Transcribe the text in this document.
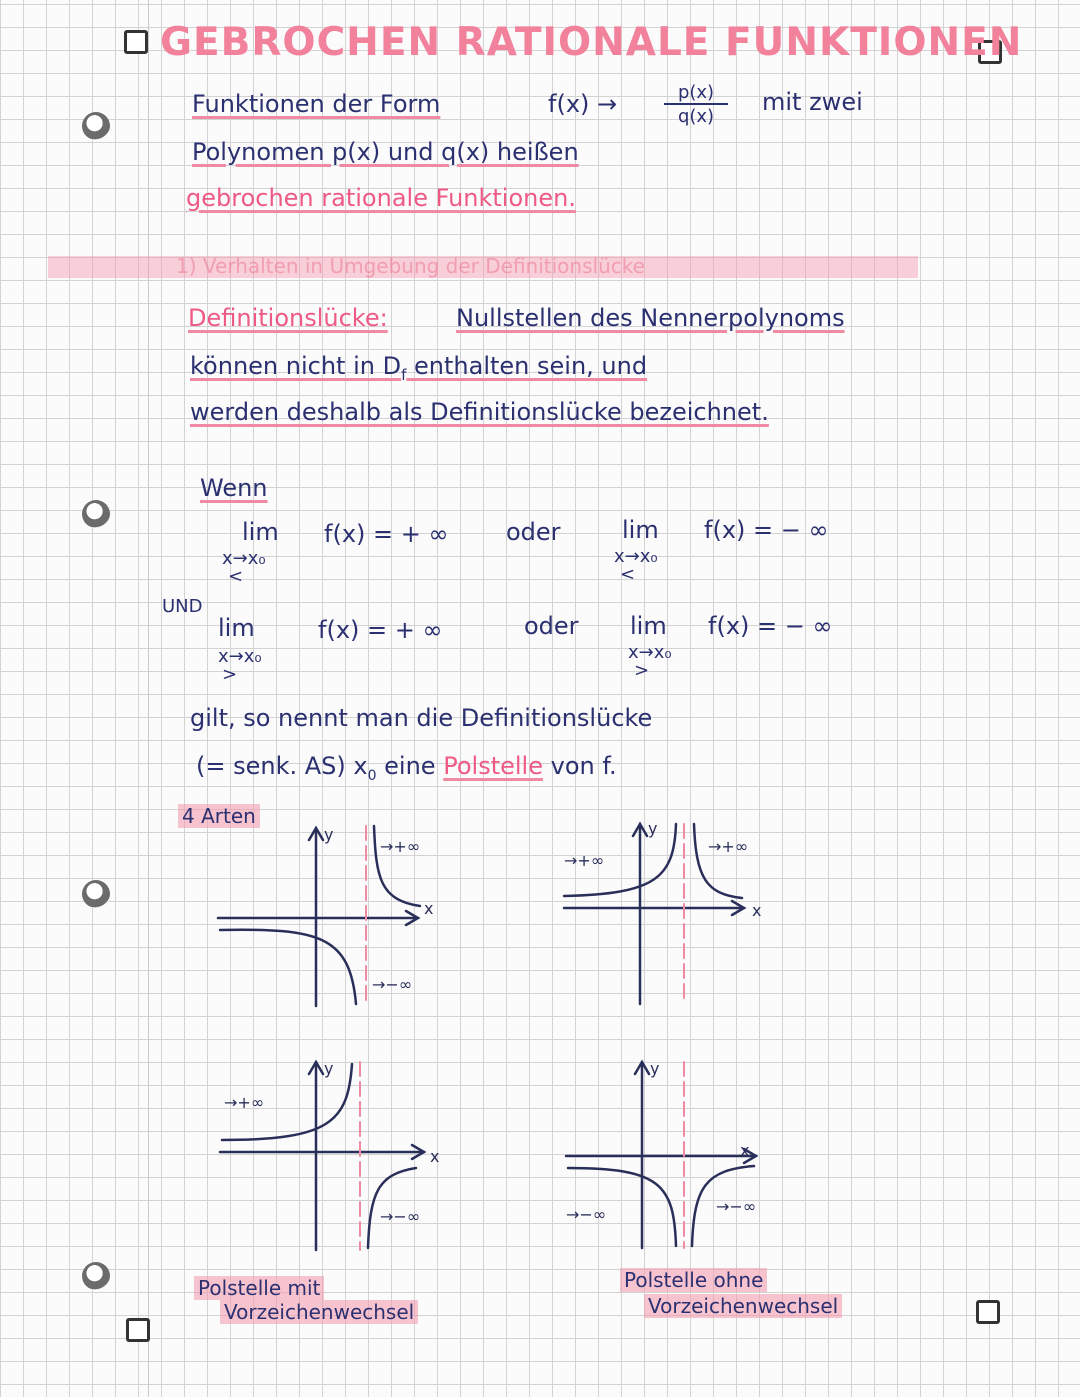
GEBROCHEN RATIONALE FUNKTIONEN
Funktionen der Form	f(x) →	p(x)
q(x)
mit zwei
Polynomen p(x) und q(x) heißen
gebrochen rationale Funktionen.
1) Verhalten in Umgebung der Definitionslücke
Definitionslücke:	Nullstellen des Nennerpolynoms
können nicht in $D_f$ enthalten sein, und
werden deshalb als Definitionslücke bezeichnet.
Wenn
lim
x→x₀
<
f(x) = + ∞ oder	lim
x→x₀
<
f(x) = − ∞
UND
lim
x→x₀
>
f(x) = + ∞	oder lim
x→x₀
>
f(x) = − ∞
gilt, so nennt man die Definitionslücke
(= senk. AS) $x_0$ eine Polstelle von f.
4 Arten
y
x
→+∞
→−∞
y
x
→+∞
→+∞
y
x
→+∞
→−∞
y
x
→−∞	→−∞
Polstelle mit
Vorzeichenwechsel
Polstelle ohne
Vorzeichenwechsel
